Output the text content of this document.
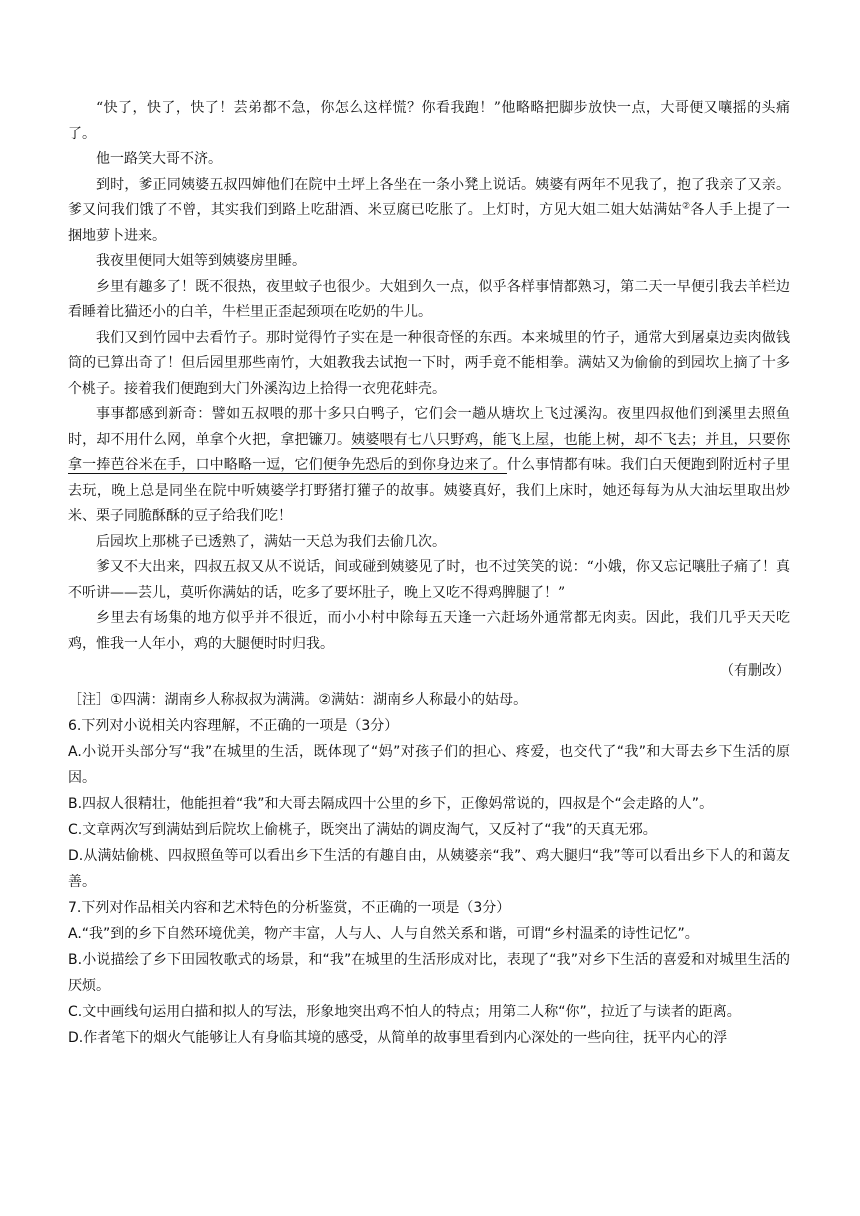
“快了，快了，快了！芸弟都不急，你怎么这样慌？你看我跑！”他略略把脚步放快一点，大哥便又嚷摇的头痛了。

他一路笑大哥不济。

到时，爹正同姨婆五叔四婶他们在院中土坪上各坐在一条小凳上说话。姨婆有两年不见我了，抱了我亲了又亲。爹又问我们饿了不曾，其实我们到路上吃甜酒、米豆腐已吃胀了。上灯时，方见大姐二姐大姑满姑②各人手上提了一捆地萝卜进来。

我夜里便同大姐等到姨婆房里睡。

乡里有趣多了！既不很热，夜里蚊子也很少。大姐到久一点，似乎各样事情都熟习，第二天一早便引我去羊栏边看睡着比猫还小的白羊，牛栏里正歪起颈项在吃奶的牛儿。

我们又到竹园中去看竹子。那时觉得竹子实在是一种很奇怪的东西。本来城里的竹子，通常大到屠桌边卖肉做钱筒的已算出奇了！但后园里那些南竹，大姐教我去试抱一下时，两手竟不能相拳。满姑又为偷偷的到园坎上摘了十多个桃子。接着我们便跑到大门外溪沟边上拾得一衣兜花蚌壳。

事事都感到新奇：譬如五叔喂的那十多只白鸭子，它们会一趟从塘坎上飞过溪沟。夜里四叔他们到溪里去照鱼时，却不用什么网，单拿个火把，拿把镰刀。姨婆喂有七八只野鸡，能飞上屋，也能上树，却不飞去；并且，只要你拿一捧芭谷米在手，口中略略一逗，它们便争先恐后的到你身边来了。什么事情都有味。我们白天便跑到附近村子里去玩，晚上总是同坐在院中听姨婆学打野猪打獾子的故事。姨婆真好，我们上床时，她还每每为从大油坛里取出炒米、栗子同脆酥酥的豆子给我们吃！

后园坎上那桃子已透熟了，满姑一天总为我们去偷几次。

爹又不大出来，四叔五叔又从不说话，间或碰到姨婆见了时，也不过笑笑的说：“小娥，你又忘记嚷肚子痛了！真不听讲——芸儿，莫听你满姑的话，吃多了要坏肚子，晚上又吃不得鸡脾腿了！”

乡里去有场集的地方似乎并不很近，而小小村中除每五天逢一六赶场外通常都无肉卖。因此，我们几乎天天吃鸡，惟我一人年小，鸡的大腿便时时归我。

（有删改）

［注］①四满：湖南乡人称叔叔为满满。②满姑：湖南乡人称最小的姑母。

6.下列对小说相关内容理解，不正确的一项是（3分）

A.小说开头部分写“我”在城里的生活，既体现了“妈”对孩子们的担心、疼爱，也交代了“我”和大哥去乡下生活的原因。

B.四叔人很精壮，他能担着“我”和大哥去隔成四十公里的乡下，正像妈常说的，四叔是个“会走路的人”。

C.文章两次写到满姑到后院坎上偷桃子，既突出了满姑的调皮淘气，又反衬了“我”的天真无邪。

D.从满姑偷桃、四叔照鱼等可以看出乡下生活的有趣自由，从姨婆亲“我”、鸡大腿归“我”等可以看出乡下人的和蔼友善。

7.下列对作品相关内容和艺术特色的分析鉴赏，不正确的一项是（3分）

A.“我”到的乡下自然环境优美，物产丰富，人与人、人与自然关系和谐，可谓“乡村温柔的诗性记忆”。

B.小说描绘了乡下田园牧歌式的场景，和“我”在城里的生活形成对比，表现了“我”对乡下生活的喜爱和对城里生活的厌烦。

C.文中画线句运用白描和拟人的写法，形象地突出鸡不怕人的特点；用第二人称“你”，拉近了与读者的距离。

D.作者笔下的烟火气能够让人有身临其境的感受，从简单的故事里看到内心深处的一些向往，抚平内心的浮
